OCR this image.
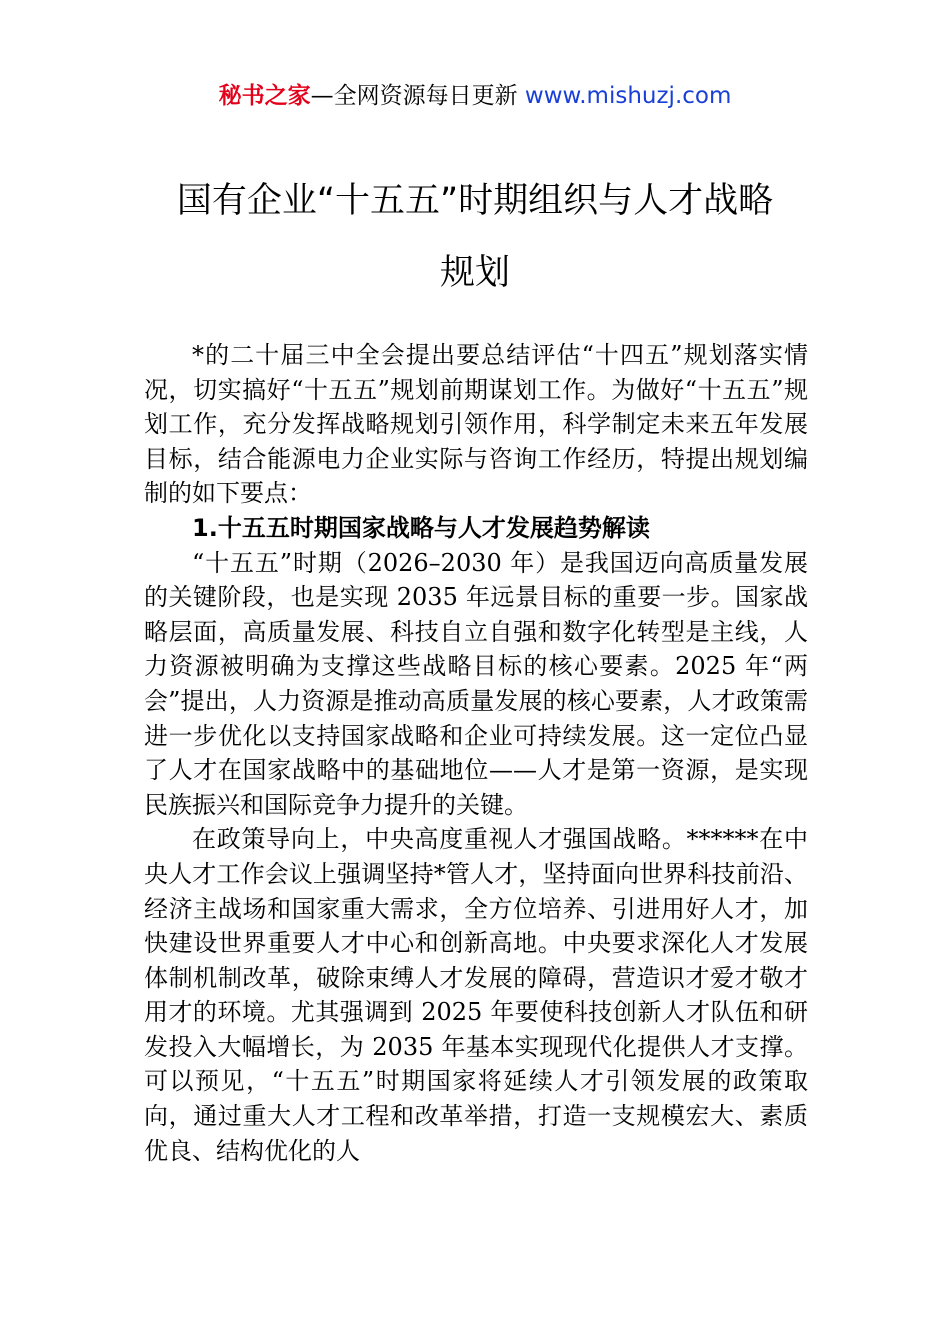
秘书之家—全网资源每日更新 www.mishuzj.com
国有企业“十五五”时期组织与人才战略
规划

*的二十届三中全会提出要总结评估“十四五”规划落实情况，切实搞好“十五五”规划前期谋划工作。为做好“十五五”规划工作，充分发挥战略规划引领作用，科学制定未来五年发展目标，结合能源电力企业实际与咨询工作经历，特提出规划编制的如下要点：

1.十五五时期国家战略与人才发展趋势解读

“十五五”时期（2026–2030 年）是我国迈向高质量发展的关键阶段，也是实现 2035 年远景目标的重要一步。国家战略层面，高质量发展、科技自立自强和数字化转型是主线，人力资源被明确为支撑这些战略目标的核心要素。2025 年“两会”提出，人力资源是推动高质量发展的核心要素，人才政策需进一步优化以支持国家战略和企业可持续发展。这一定位凸显了人才在国家战略中的基础地位——人才是第一资源，是实现民族振兴和国际竞争力提升的关键。

在政策导向上，中央高度重视人才强国战略。******在中央人才工作会议上强调坚持*管人才，坚持面向世界科技前沿、经济主战场和国家重大需求，全方位培养、引进用好人才，加快建设世界重要人才中心和创新高地。中央要求深化人才发展体制机制改革，破除束缚人才发展的障碍，营造识才爱才敬才用才的环境。尤其强调到 2025 年要使科技创新人才队伍和研发投入大幅增长，为 2035 年基本实现现代化提供人才支撑。可以预见，“十五五”时期国家将延续人才引领发展的政策取向，通过重大人才工程和改革举措，打造一支规模宏大、素质优良、结构优化的人
